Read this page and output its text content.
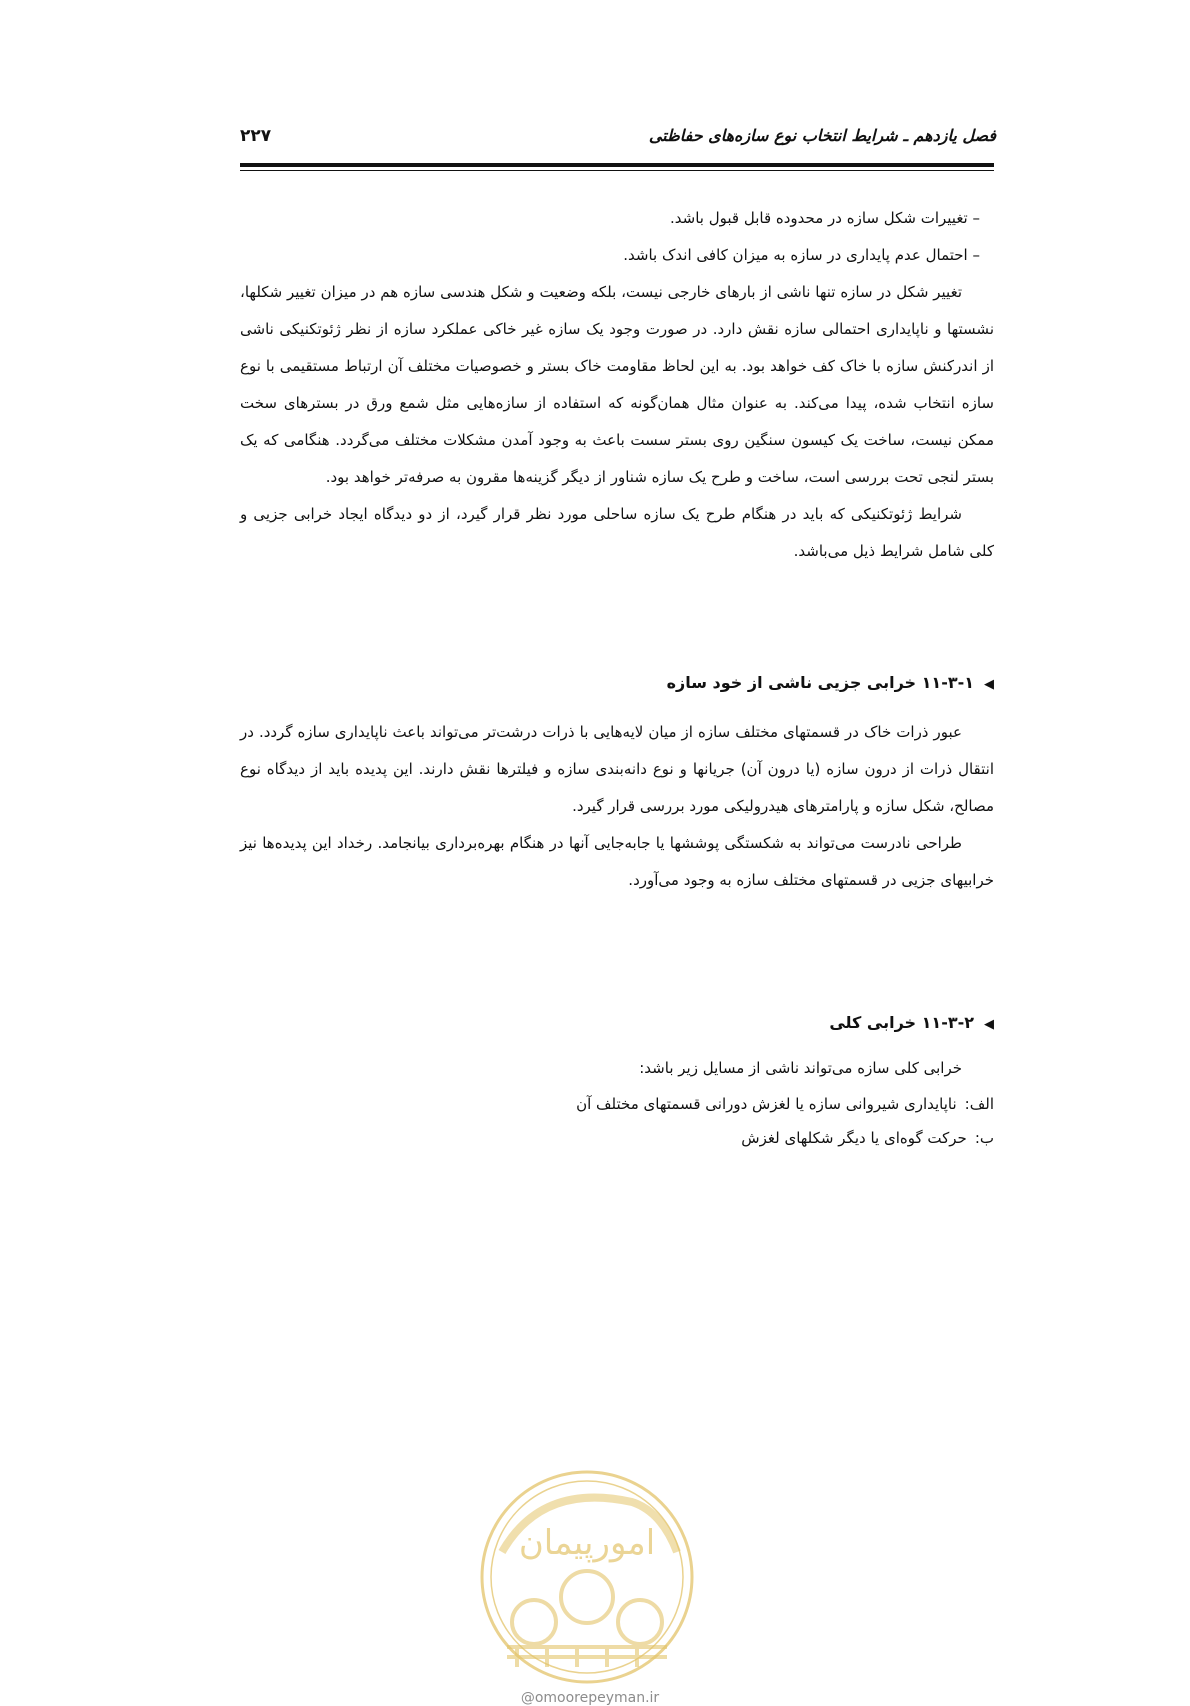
فصل یازدهم ـ شرایط انتخاب نوع سازه‌های حفاظتی
۲۲۷

– تغییرات شکل سازه در محدوده قابل قبول باشد.

– احتمال عدم پایداری در سازه به میزان کافی اندک باشد.

تغییر شکل در سازه تنها ناشی از بارهای خارجی نیست، بلکه وضعیت و شکل هندسی سازه هم در میزان تغییر شکلها، نشستها و ناپایداری احتمالی سازه نقش دارد. در صورت وجود یک سازه غیر خاکی عملکرد سازه از نظر ژئوتکنیکی ناشی از اندرکنش سازه با خاک کف خواهد بود. به این لحاظ مقاومت خاک بستر و خصوصیات مختلف آن ارتباط مستقیمی با نوع سازه انتخاب شده، پیدا می‌کند. به عنوان مثال همان‌گونه که استفاده از سازه‌هایی مثل شمع ورق در بسترهای سخت ممکن نیست، ساخت یک کیسون سنگین روی بستر سست باعث به وجود آمدن مشکلات مختلف می‌گردد. هنگامی که یک بستر لنجی تحت بررسی است، ساخت و طرح یک سازه شناور از دیگر گزینه‌ها مقرون به صرفه‌تر خواهد بود.

شرایط ژئوتکنیکی که باید در هنگام طرح یک سازه ساحلی مورد نظر قرار گیرد، از دو دیدگاه ایجاد خرابی جزیی و کلی شامل شرایط ذیل می‌باشد.

◀۱۱-۳-۱ خرابی جزیی ناشی از خود سازه

عبور ذرات خاک در قسمتهای مختلف سازه از میان لایه‌هایی با ذرات درشت‌تر می‌تواند باعث ناپایداری سازه گردد. در انتقال ذرات از درون سازه (یا درون آن) جریانها و نوع دانه‌بندی سازه و فیلترها نقش دارند. این پدیده باید از دیدگاه نوع مصالح، شکل سازه و پارامترهای هیدرولیکی مورد بررسی قرار گیرد.

طراحی نادرست می‌تواند به شکستگی پوششها یا جابه‌جایی آنها در هنگام بهره‌برداری بیانجامد. رخداد این پدیده‌ها نیز خرابیهای جزیی در قسمتهای مختلف سازه به وجود می‌آورد.

◀۱۱-۳-۲ خرابی کلی

خرابی کلی سازه می‌تواند ناشی از مسایل زیر باشد:

الف:ناپایداری شیروانی سازه یا لغزش دورانی قسمتهای مختلف آن
ب:حرکت گوه‌ای یا دیگر شکلهای لغزش
امورپیمان
@omoorepeyman.ir
